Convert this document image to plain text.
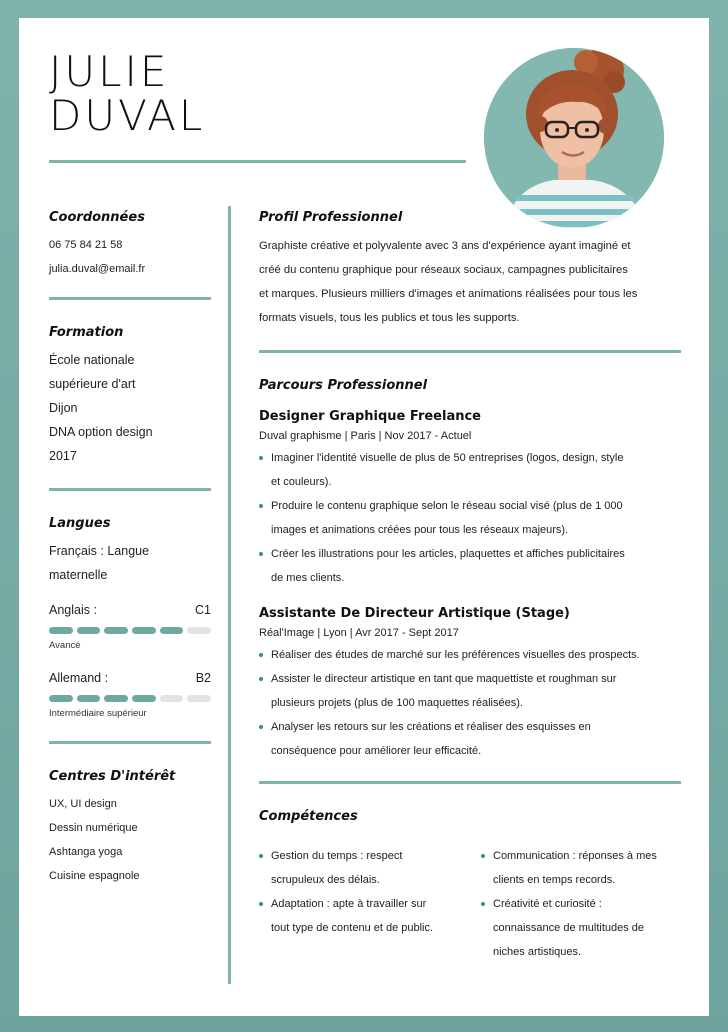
JULIE
DUVAL
Coordonnées
06 75 84 21 58
julia.duval@email.fr
Formation
École nationale
supérieure d'art
Dijon
DNA option design
2017
Langues
Français : Langue
maternelle
Anglais :	C1
Avancé
Allemand :	B2
Intermédiaire supérieur
Centres D'intérêt
UX, UI design
Dessin numérique
Ashtanga yoga
Cuisine espagnole
Profil Professionnel
Graphiste créative et polyvalente avec 3 ans d'expérience ayant imaginé et
créé du contenu graphique pour réseaux sociaux, campagnes publicitaires
et marques. Plusieurs milliers d'images et animations réalisées pour tous les
formats visuels, tous les publics et tous les supports.
Parcours Professionnel
Designer Graphique Freelance
Duval graphisme | Paris | Nov 2017 - Actuel
Imaginer l'identité visuelle de plus de 50 entreprises (logos, design, style
et couleurs).
Produire le contenu graphique selon le réseau social visé (plus de 1 000
images et animations créées pour tous les réseaux majeurs).
Créer les illustrations pour les articles, plaquettes et affiches publicitaires
de mes clients.
Assistante De Directeur Artistique (Stage)
Réal'Image | Lyon | Avr 2017 - Sept 2017
Réaliser des études de marché sur les préférences visuelles des prospects.
Assister le directeur artistique en tant que maquettiste et roughman sur
plusieurs projets (plus de 100 maquettes réalisées).
Analyser les retours sur les créations et réaliser des esquisses en
conséquence pour améliorer leur efficacité.
Compétences
Gestion du temps : respect
scrupuleux des délais.
Adaptation : apte à travailler sur
tout type de contenu et de public.
Communication : réponses à mes
clients en temps records.
Créativité et curiosité :
connaissance de multitudes de
niches artistiques.
